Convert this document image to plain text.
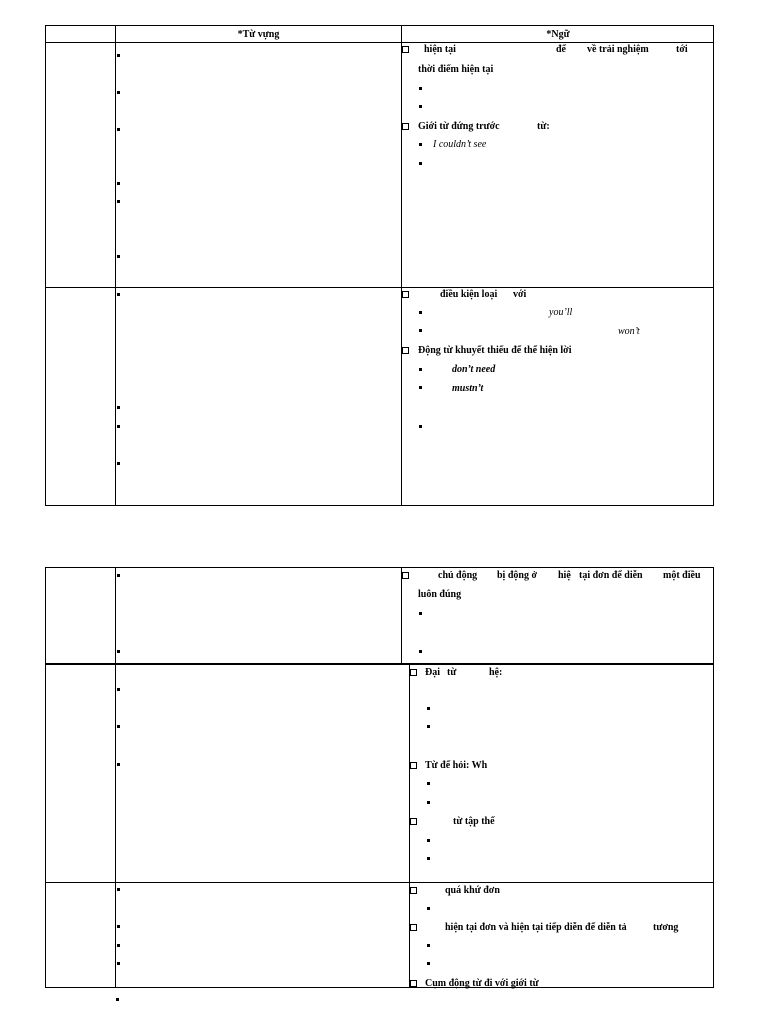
*Từ vựng	*Ngữ
hiện tại	để về trải nghiệm	tới
thời điểm hiện tại
Giới từ đứng trước	từ:
I couldn’t see
điều kiện loại với
you’ll
won’t
Động từ khuyết thiếu để thể hiện lời
don’t need
mustn’t
chủ động bị động ở hiệ tại đơn để diễn một điều
luôn đúng
Đại từ	hệ:
Từ để hỏi: Wh
từ tập thể
quá khứ đơn
hiện tại đơn và hiện tại tiếp diễn để diễn tả	tương
Cụm động từ đi với giới từ
